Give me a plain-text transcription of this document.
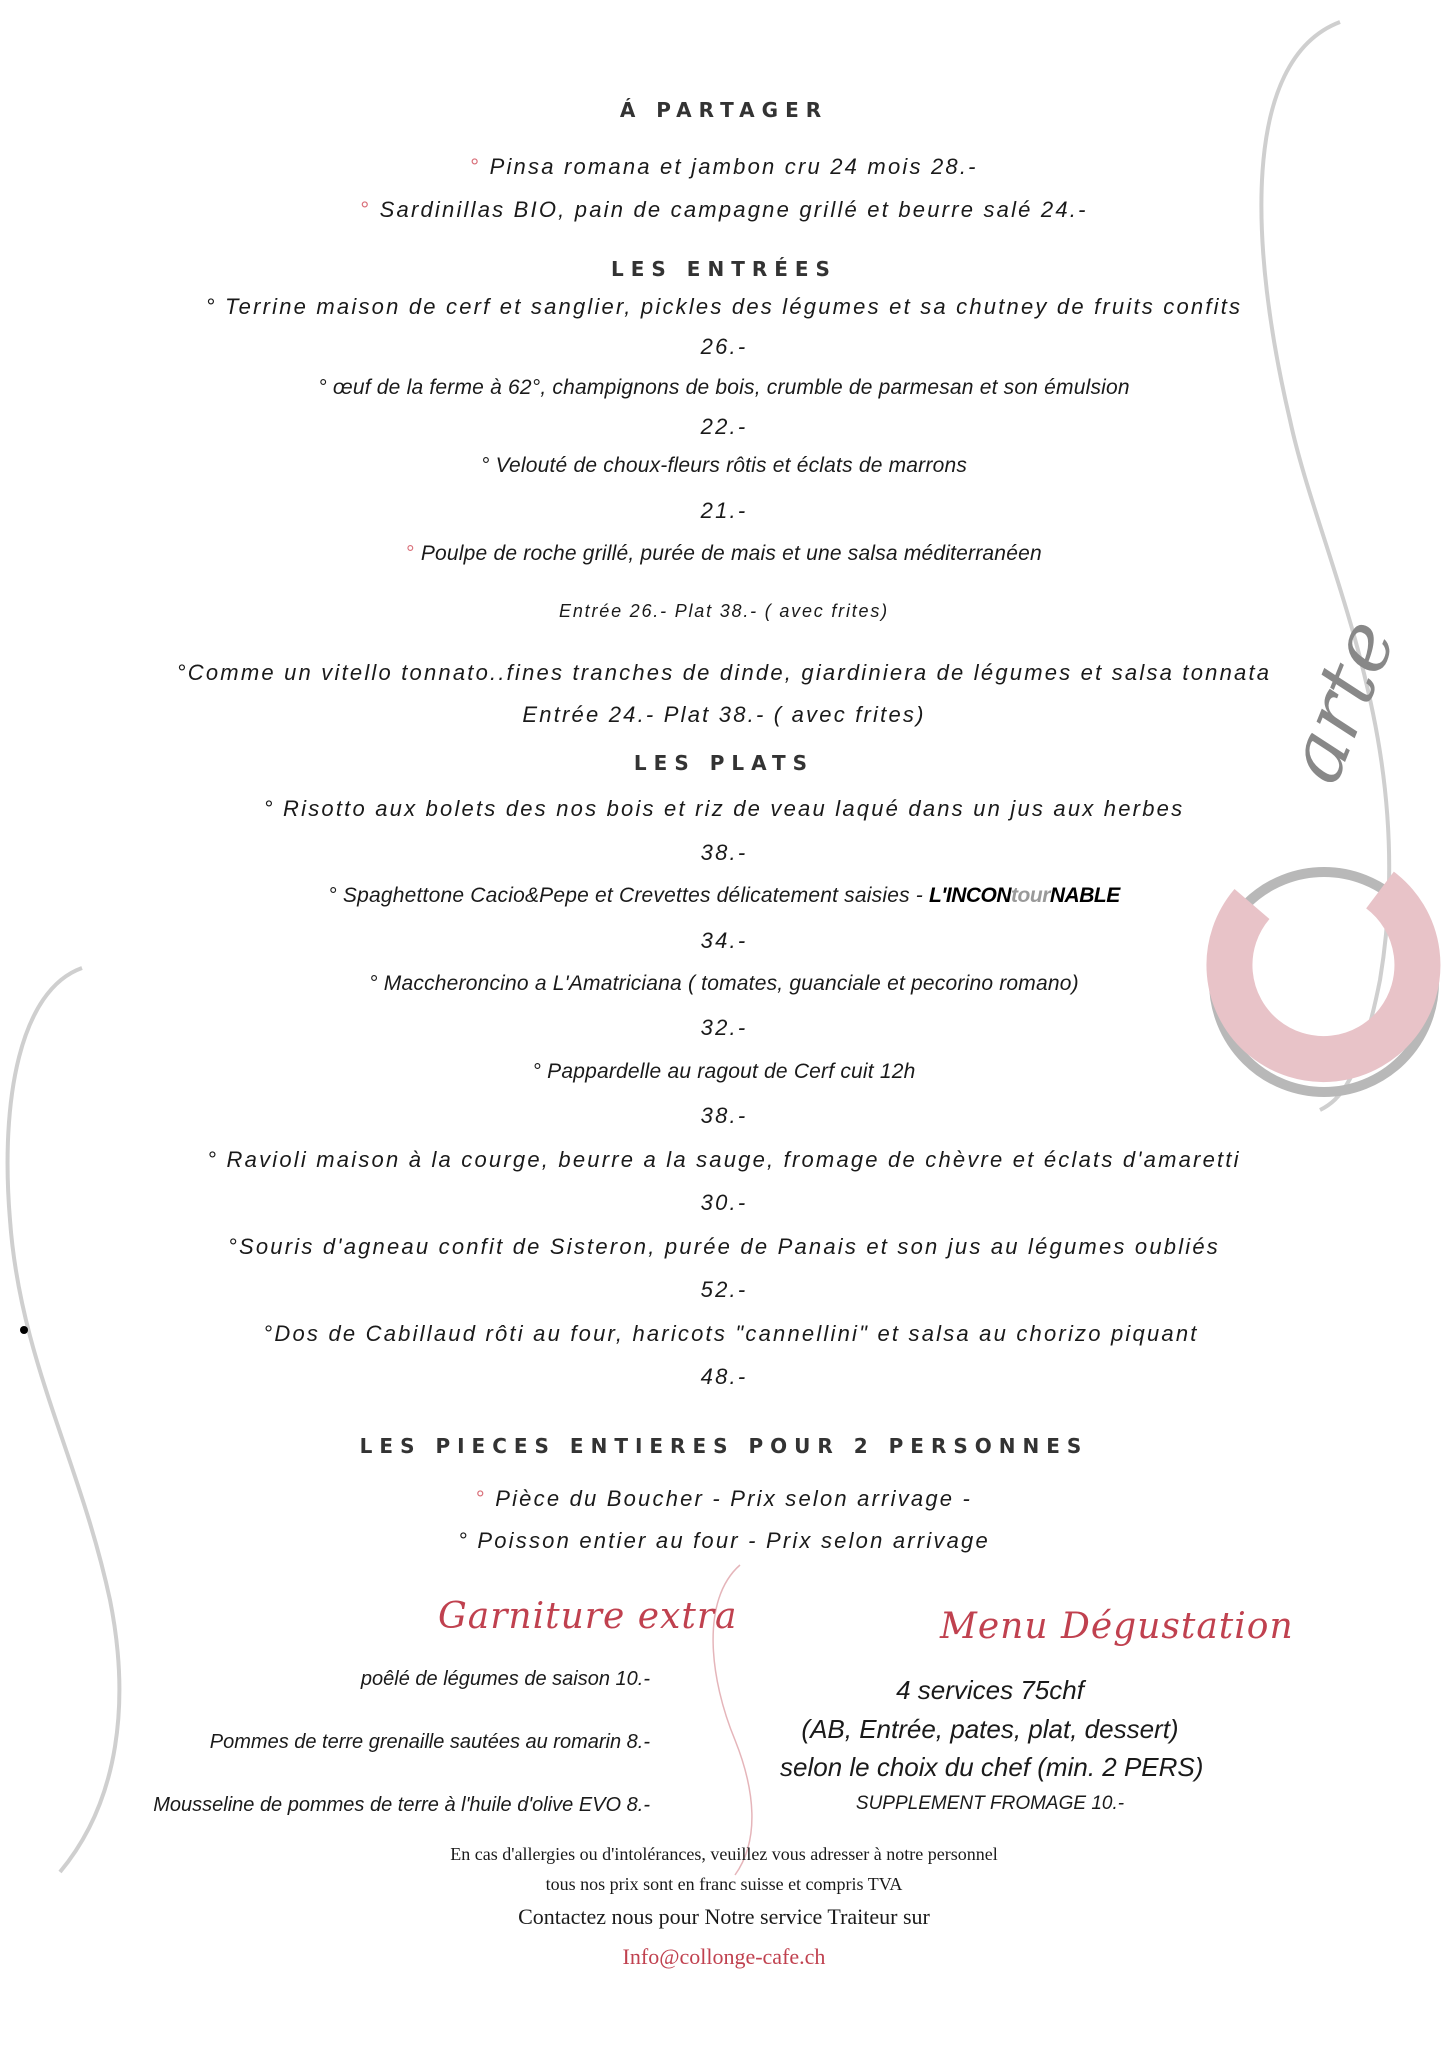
arte
Á PARTAGER
° Pinsa romana et jambon cru 24 mois 28.-
° Sardinillas BIO, pain de campagne grillé et beurre salé 24.-
LES ENTRÉES
° Terrine maison de cerf et sanglier, pickles des légumes et sa chutney de fruits confits
26.-
° œuf de la ferme à 62°, champignons de bois, crumble de parmesan et son émulsion
22.-
° Velouté de choux-fleurs rôtis et éclats de marrons
21.-
° Poulpe de roche grillé, purée de mais et une salsa méditerranéen
Entrée 26.- Plat 38.- ( avec frites)
°Comme un vitello tonnato..fines tranches de dinde, giardiniera de légumes et salsa tonnata
Entrée 24.- Plat 38.- ( avec frites)
LES PLATS
° Risotto aux bolets des nos bois et riz de veau laqué dans un jus aux herbes
38.-
° Spaghettone Cacio&Pepe et Crevettes délicatement saisies - L'INCONtourNABLE
34.-
° Maccheroncino a L'Amatriciana ( tomates, guanciale et pecorino romano)
32.-
° Pappardelle au ragout de Cerf cuit 12h
38.-
° Ravioli maison à la courge, beurre a la sauge, fromage de chèvre et éclats d'amaretti
30.-
°Souris d'agneau confit de Sisteron, purée de Panais et son jus au légumes oubliés
52.-
°Dos de Cabillaud rôti au four, haricots "cannellini" et salsa au chorizo piquant
48.-
LES PIECES ENTIERES POUR 2 PERSONNES
° Pièce du Boucher - Prix selon arrivage -
° Poisson entier au four - Prix selon arrivage
Garniture extra
poêlé de légumes de saison 10.-
Pommes de terre grenaille sautées au romarin 8.-
Mousseline de pommes de terre à l'huile d'olive EVO 8.-
Menu Dégustation
4 services 75chf
(AB, Entrée, pates, plat, dessert)
selon le choix du chef (min. 2 PERS)
SUPPLEMENT FROMAGE 10.-
En cas d'allergies ou d'intolérances, veuillez vous adresser à notre personnel
tous nos prix sont en franc suisse et compris TVA
Contactez nous pour Notre service Traiteur sur
Info@collonge-cafe.ch
